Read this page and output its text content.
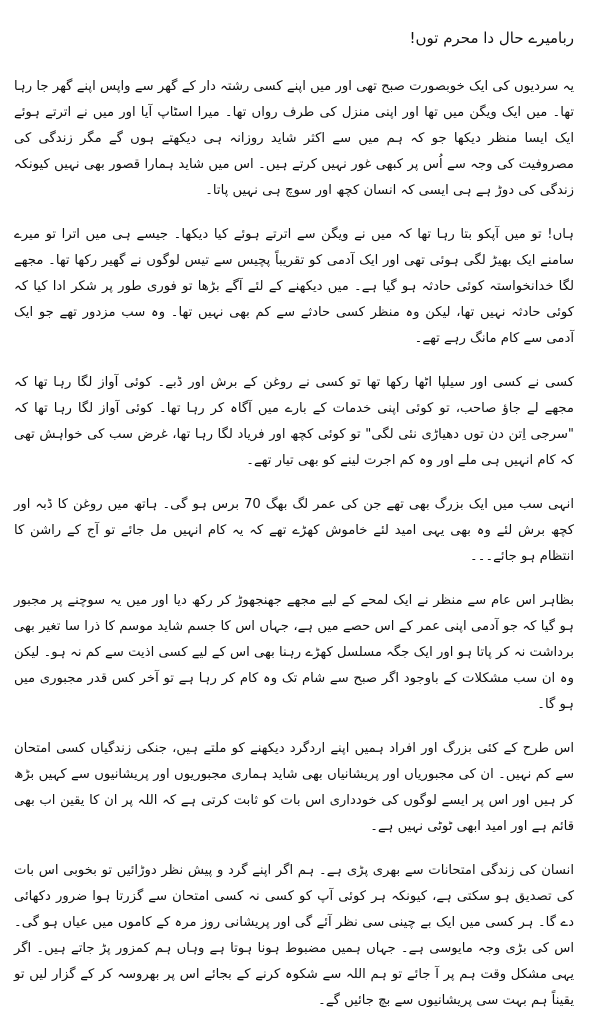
ربامیرے حال دا محرم توں!

یہ سردیوں کی ایک خوبصورت صبح تھی اور میں اپنے کسی رشتہ دار کے گھر سے واپس اپنے گھر جا رہا تھا۔ میں ایک ویگن میں تھا اور اپنی منزل کی طرف رواں تھا۔ میرا اسٹاپ آیا اور میں نے اترتے ہوئے ایک ایسا منظر دیکھا جو کہ ہم میں سے اکثر شاید روزانہ ہی دیکھتے ہوں گے مگر زندگی کی مصروفیت کی وجہ سے اُس پر کبھی غور نہیں کرتے ہیں۔ اس میں شاید ہمارا قصور بھی نہیں کیونکہ زندگی کی دوڑ ہے ہی ایسی کہ انسان کچھ اور سوچ ہی نہیں پاتا۔

ہاں! تو میں آپکو بتا رہا تھا کہ میں نے ویگن سے اترتے ہوئے کیا دیکھا۔ جیسے ہی میں اترا تو میرے سامنے ایک بھیڑ لگی ہوئی تھی اور ایک آدمی کو تقریباً پچیس سے تیس لوگوں نے گھیر رکھا تھا۔ مجھے لگا خدانخواستہ کوئی حادثہ ہو گیا ہے۔ میں دیکھنے کے لئے آگے بڑھا تو فوری طور پر شکر ادا کیا کہ کوئی حادثہ نہیں تھا، لیکن وہ منظر کسی حادثے سے کم بھی نہیں تھا۔ وہ سب مزدور تھے جو ایک آدمی سے کام مانگ رہے تھے۔

کسی نے کسی اور سیلپا اٹھا رکھا تھا تو کسی نے روغن کے برش اور ڈبے۔ کوئی آواز لگا رہا تھا کہ مجھے لے جاؤ صاحب، تو کوئی اپنی خدمات کے بارے میں آگاہ کر رہا تھا۔ کوئی آواز لگا رہا تھا کہ "سرجی اِتن دن توں دھیاڑی نئی لگی" تو کوئی کچھ اور فریاد لگا رہا تھا، غرض سب کی خواہش تھی کہ کام انہیں ہی ملے اور وہ کم اجرت لینے کو بھی تیار تھے۔

انہی سب میں ایک بزرگ بھی تھے جن کی عمر لگ بھگ 70 برس ہو گی۔ ہاتھ میں روغن کا ڈبہ اور کچھ برش لئے وہ بھی یہی امید لئے خاموش کھڑے تھے کہ یہ کام انہیں مل جائے تو آج کے راشن کا انتظام ہو جائے۔۔۔

بظاہر اس عام سے منظر نے ایک لمحے کے لیے مجھے جھنجھوڑ کر رکھ دیا اور میں یہ سوچنے پر مجبور ہو گیا کہ جو آدمی اپنی عمر کے اس حصے میں ہے، جہاں اس کا جسم شاید موسم کا ذرا سا تغیر بھی برداشت نہ کر پاتا ہو اور ایک جگہ مسلسل کھڑے رہنا بھی اس کے لیے کسی اذیت سے کم نہ ہو۔ لیکن وہ ان سب مشکلات کے باوجود اگر صبح سے شام تک وہ کام کر رہا ہے تو آخر کس قدر مجبوری میں ہو گا۔

اس طرح کے کئی بزرگ اور افراد ہمیں اپنے اردگرد دیکھنے کو ملتے ہیں، جنکی زندگیاں کسی امتحان سے کم نہیں۔ ان کی مجبوریاں اور پریشانیاں بھی شاید ہماری مجبوریوں اور پریشانیوں سے کہیں بڑھ کر ہیں اور اس پر ایسے لوگوں کی خودداری اس بات کو ثابت کرتی ہے کہ اللہ پر ان کا یقین اب بھی قائم ہے اور امید ابھی ٹوٹی نہیں ہے۔

انسان کی زندگی امتحانات سے بھری پڑی ہے۔ ہم اگر اپنے گرد و پیش نظر دوڑائیں تو بخوبی اس بات کی تصدیق ہو سکتی ہے، کیونکہ ہر کوئی آپ کو کسی نہ کسی امتحان سے گزرتا ہوا ضرور دکھائی دے گا۔ ہر کسی میں ایک بے چینی سی نظر آئے گی اور پریشانی روز مرہ کے کاموں میں عیاں ہو گی۔ اس کی بڑی وجہ مایوسی ہے۔ جہاں ہمیں مضبوط ہونا ہوتا ہے وہاں ہم کمزور پڑ جاتے ہیں۔ اگر یہی مشکل وقت ہم پر آ جائے تو ہم اللہ سے شکوہ کرنے کے بجائے اس پر بھروسہ کر کے گزار لیں تو یقیناً ہم بہت سی پریشانیوں سے بچ جائیں گے۔
